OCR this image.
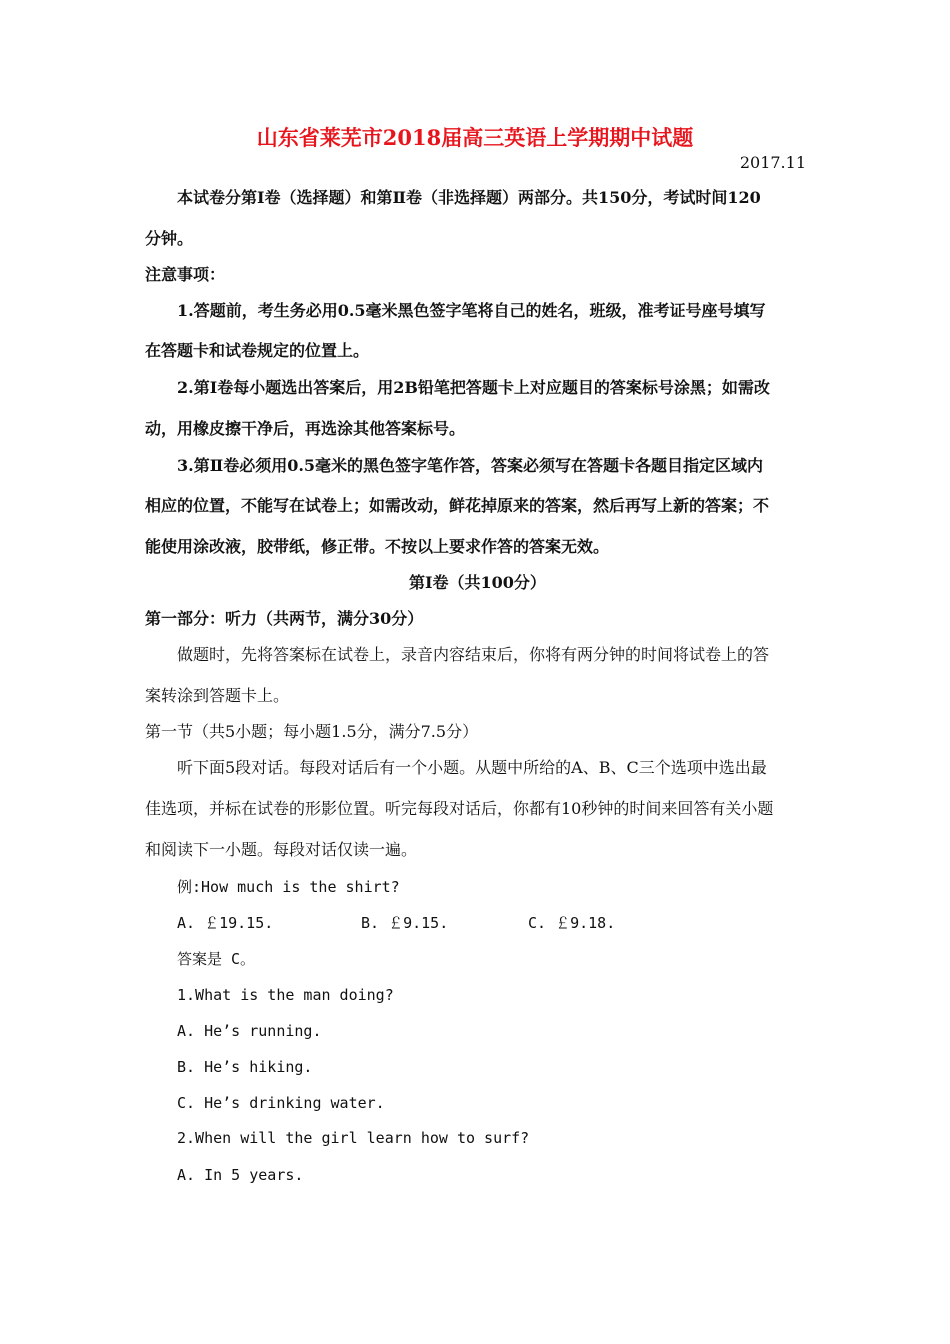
山东省莱芜市2018届高三英语上学期期中试题
2017.11
本试卷分第Ⅰ卷（选择题）和第Ⅱ卷（非选择题）两部分。共150分，考试时间120
分钟。
注意事项：
1.答题前，考生务必用0.5毫米黑色签字笔将自己的姓名，班级，准考证号座号填写
在答题卡和试卷规定的位置上。
2.第Ⅰ卷每小题选出答案后，用2B铅笔把答题卡上对应题目的答案标号涂黑；如需改
动，用橡皮擦干净后，再选涂其他答案标号。
3.第Ⅱ卷必须用0.5毫米的黑色签字笔作答，答案必须写在答题卡各题目指定区域内
相应的位置，不能写在试卷上；如需改动，鲜花掉原来的答案，然后再写上新的答案；不
能使用涂改液，胶带纸，修正带。不按以上要求作答的答案无效。
第Ⅰ卷（共100分）
第一部分：听力（共两节，满分30分）
做题时，先将答案标在试卷上，录音内容结束后，你将有两分钟的时间将试卷上的答
案转涂到答题卡上。
第一节（共5小题；每小题1.5分，满分7.5分）
听下面5段对话。每段对话后有一个小题。从题中所给的A、B、C三个选项中选出最
佳选项，并标在试卷的形影位置。听完每段对话后，你都有10秒钟的时间来回答有关小题
和阅读下一小题。每段对话仅读一遍。
例:How much is the shirt?
A. ￡19.15.	B. ￡9.15.	C. ￡9.18.
答案是 C。
1.What is the man doing?
A. He’s running.
B. He’s hiking.
C. He’s drinking water.
2.When will the girl learn how to surf?
A. In 5 years.
